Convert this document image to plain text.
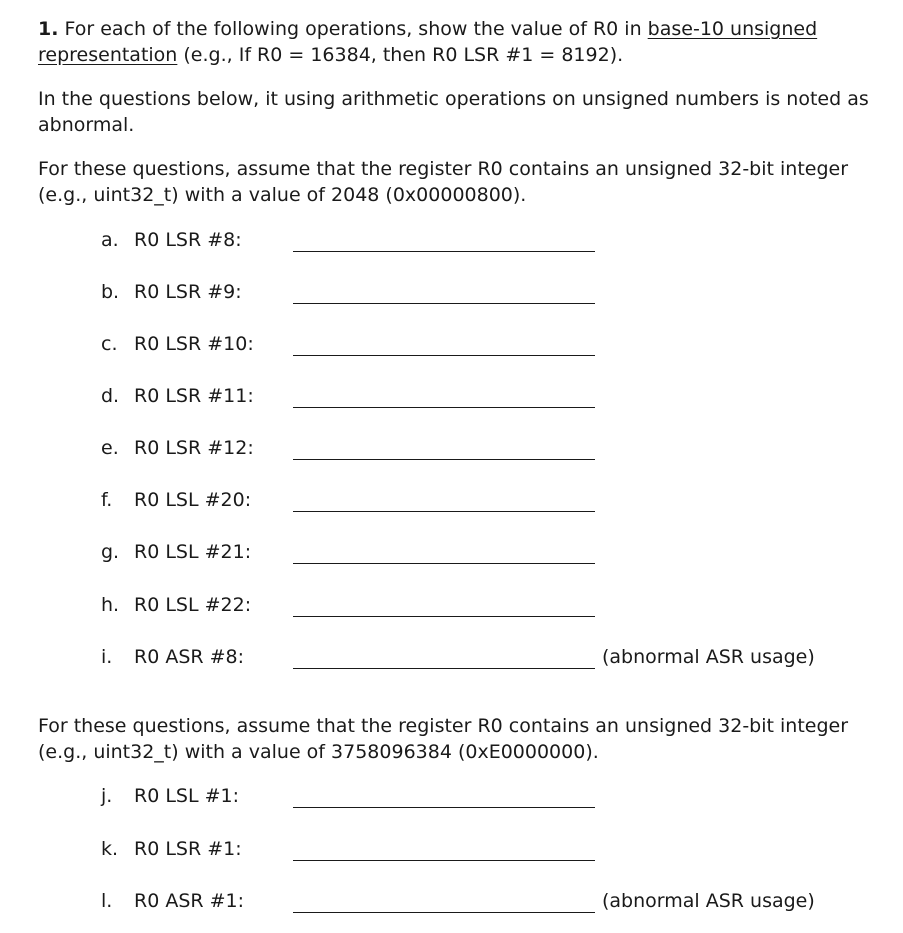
1. For each of the following operations, show the value of R0 in base-10 unsigned representation (e.g., If R0 = 16384, then R0 LSR #1 = 8192).
In the questions below, it using arithmetic operations on unsigned numbers is noted as abnormal.
For these questions, assume that the register R0 contains an unsigned 32-bit integer (e.g., uint32_t) with a value of 2048 (0x00000800).
a. R0 LSR #8:
b. R0 LSR #9:
c. R0 LSR #10:
d. R0 LSR #11:
e. R0 LSR #12:
f. R0 LSL #20:
g. R0 LSL #21:
h. R0 LSL #22:
i. R0 ASR #8:	(abnormal ASR usage)
For these questions, assume that the register R0 contains an unsigned 32-bit integer (e.g., uint32_t) with a value of 3758096384 (0xE0000000).
j. R0 LSL #1:
k. R0 LSR #1:
l. R0 ASR #1:	(abnormal ASR usage)
